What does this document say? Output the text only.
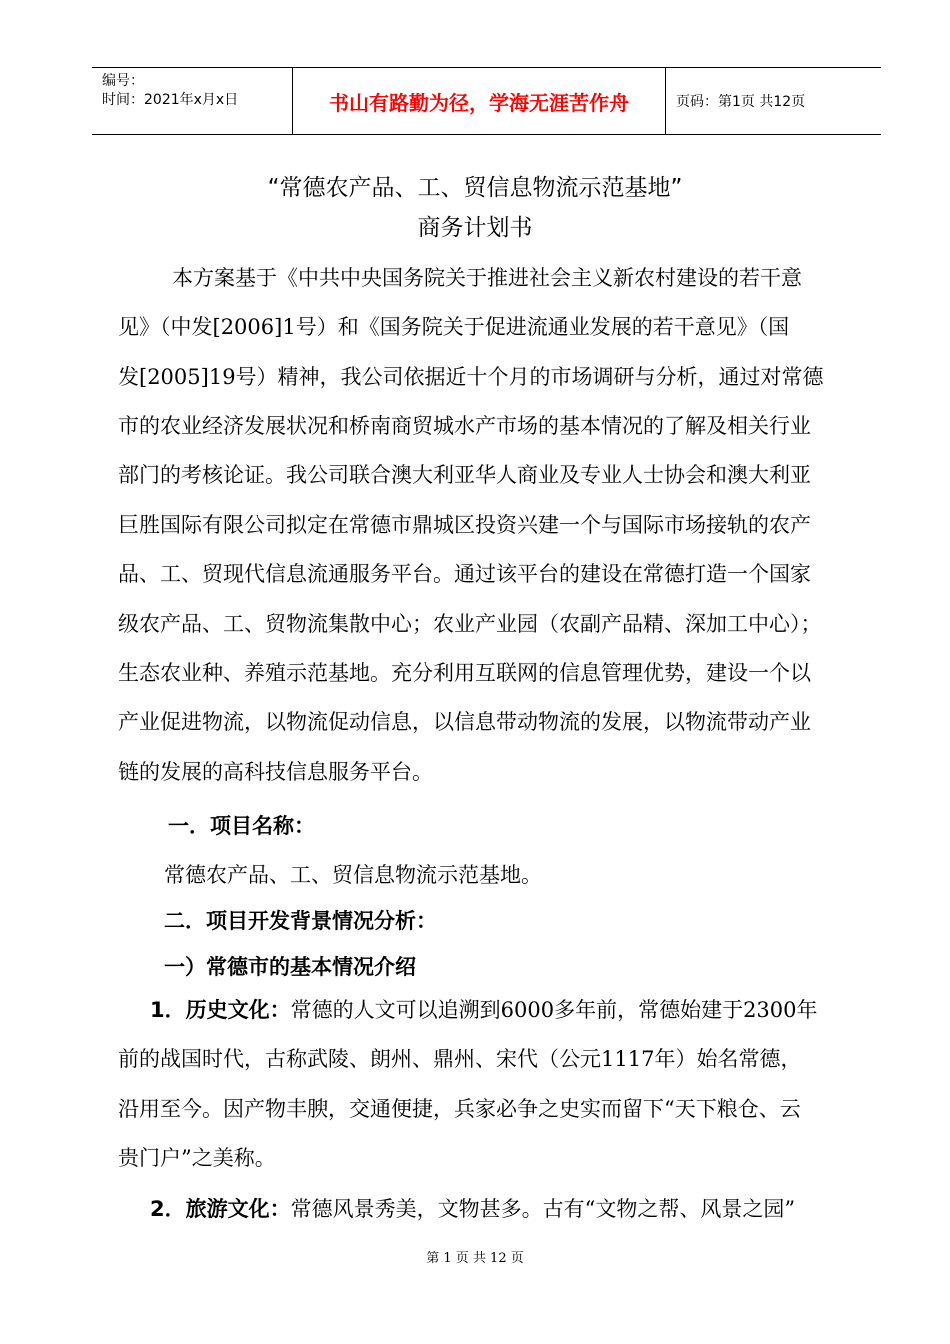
编号：
时间：2021年x月x日	书山有路勤为径，学海无涯苦作舟	页码：第1页 共12页
“常德农产品、工、贸信息物流示范基地”
商务计划书
本方案基于《中共中央国务院关于推进社会主义新农村建设的若干意
见》（中发[2006]1号）和《国务院关于促进流通业发展的若干意见》（国
发[2005]19号）精神，我公司依据近十个月的市场调研与分析，通过对常德
市的农业经济发展状况和桥南商贸城水产市场的基本情况的了解及相关行业
部门的考核论证。我公司联合澳大利亚华人商业及专业人士协会和澳大利亚
巨胜国际有限公司拟定在常德市鼎城区投资兴建一个与国际市场接轨的农产
品、工、贸现代信息流通服务平台。通过该平台的建设在常德打造一个国家
级农产品、工、贸物流集散中心；农业产业园（农副产品精、深加工中心）；
生态农业种、养殖示范基地。充分利用互联网的信息管理优势，建设一个以
产业促进物流，以物流促动信息，以信息带动物流的发展，以物流带动产业
链的发展的高科技信息服务平台。
一．项目名称：
常德农产品、工、贸信息物流示范基地。
二．项目开发背景情况分析：
一）常德市的基本情况介绍
1．历史文化：常德的人文可以追溯到6000多年前，常德始建于2300年
前的战国时代，古称武陵、朗州、鼎州、宋代（公元1117年）始名常德，
沿用至今。因产物丰腴，交通便捷，兵家必争之史实而留下“天下粮仓、云
贵门户”之美称。
2．旅游文化：常德风景秀美，文物甚多。古有“文物之帮、风景之园”
第 1 页 共 12 页
